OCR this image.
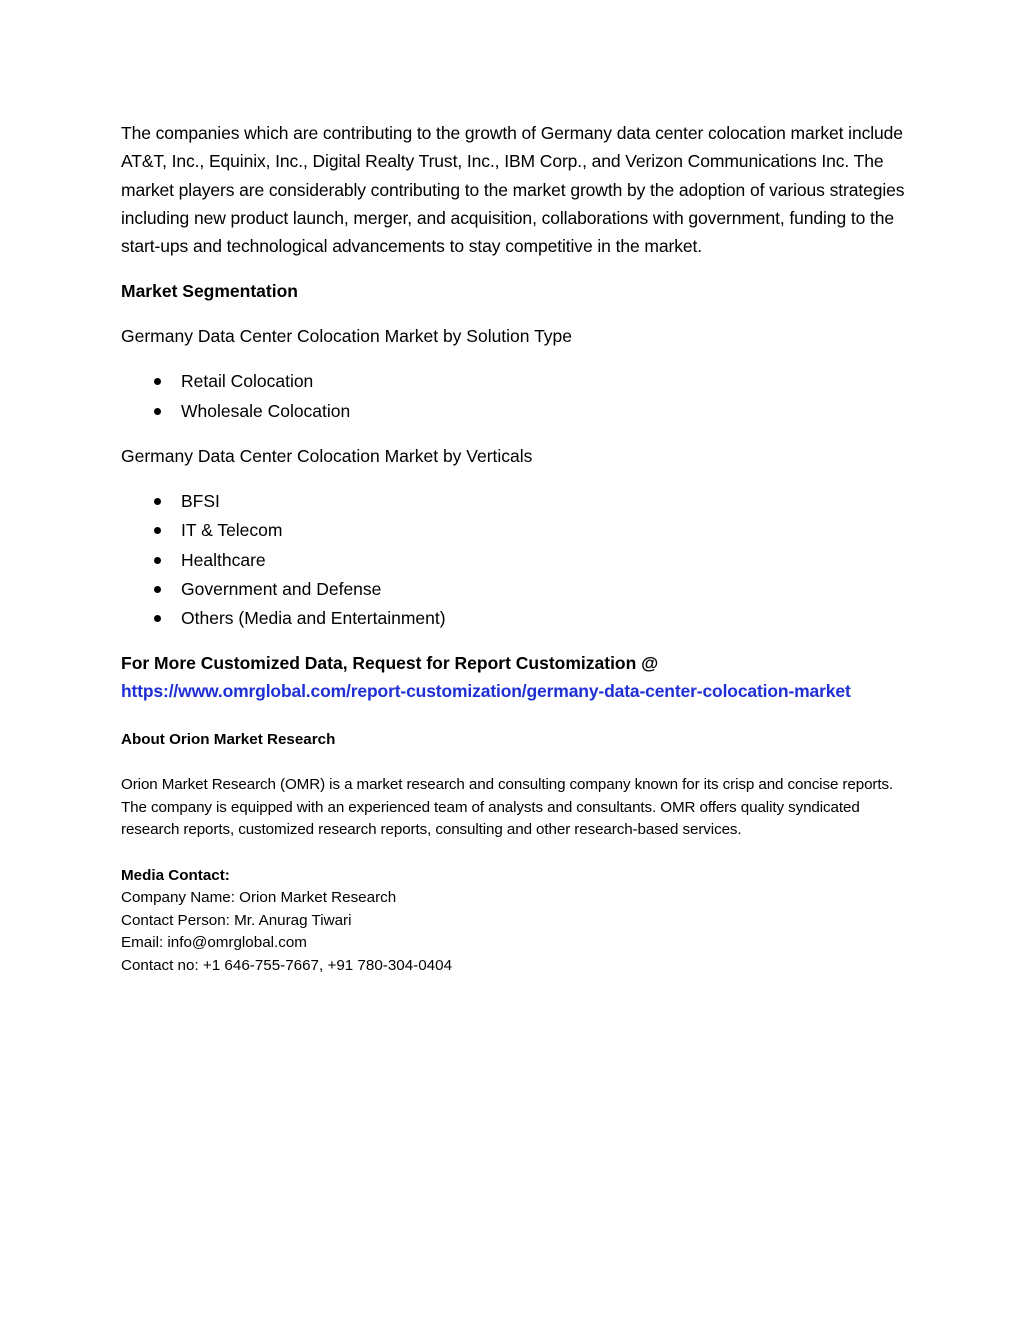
The companies which are contributing to the growth of Germany data center colocation market include AT&T, Inc., Equinix, Inc., Digital Realty Trust, Inc., IBM Corp., and Verizon Communications Inc. The market players are considerably contributing to the market growth by the adoption of various strategies including new product launch, merger, and acquisition, collaborations with government, funding to the start-ups and technological advancements to stay competitive in the market.

Market Segmentation

Germany Data Center Colocation Market by Solution Type

Retail Colocation
Wholesale Colocation

Germany Data Center Colocation Market by Verticals

BFSI
IT & Telecom
Healthcare
Government and Defense
Others (Media and Entertainment)

For More Customized Data, Request for Report Customization @

https://www.omrglobal.com/report-customization/germany-data-center-colocation-market

About Orion Market Research

Orion Market Research (OMR) is a market research and consulting company known for its crisp and concise reports. The company is equipped with an experienced team of analysts and consultants. OMR offers quality syndicated research reports, customized research reports, consulting and other research-based services.

Media Contact:

Company Name: Orion Market Research
Contact Person: Mr. Anurag Tiwari
Email: info@omrglobal.com
Contact no: +1 646-755-7667, +91 780-304-0404
